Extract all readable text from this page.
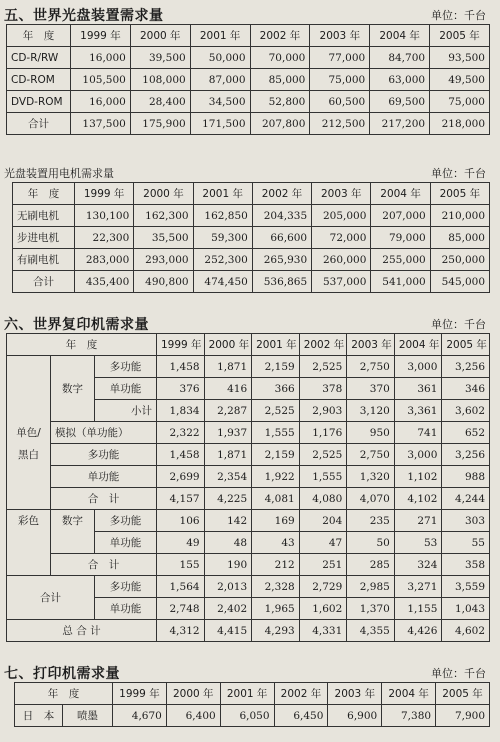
五、世界光盘装置需求量	单位：千台
年　度	1999 年	2000 年	2001 年	2002 年	2003 年	2004 年	2005 年
CD-R/RW	16,000	39,500	50,000	70,000	77,000	84,700	93,500
CD-ROM	105,500	108,000	87,000	85,000	75,000	63,000	49,500
DVD-ROM	16,000	28,400	34,500	52,800	60,500	69,500	75,000
合计	137,500	175,900	171,500	207,800	212,500	217,200	218,000
光盘装置用电机需求量	单位：千台
年　度	1999 年	2000 年	2001 年	2002 年	2003 年	2004 年	2005 年
无刷电机	130,100	162,300	162,850	204,335	205,000	207,000	210,000
步进电机	22,300	35,500	59,300	66,600	72,000	79,000	85,000
有刷电机	283,000	293,000	252,300	265,930	260,000	255,000	250,000
合计	435,400	490,800	474,450	536,865	537,000	541,000	545,000
六、世界复印机需求量	单位：千台
年　度			1999 年	2000 年	2001 年	2002 年	2003 年	2004 年	2005 年
		多功能	1,458	1,871	2,159	2,525	2,750	3,000	3,256
	数字	单功能	376	416	366	378	370	361	346
		小计	1,834	2,287	2,525	2,903	3,120	3,361	3,602
单色/	模拟（单功能）		2,322	1,937	1,555	1,176	950	741	652
黑白	多功能		1,458	1,871	2,159	2,525	2,750	3,000	3,256
	单功能		2,699	2,354	1,922	1,555	1,320	1,102	988
	合　计		4,157	4,225	4,081	4,080	4,070	4,102	4,244
彩色	数字	多功能	106	142	169	204	235	271	303
		单功能	49	48	43	47	50	53	55
	合　计		155	190	212	251	285	324	358
合计		多功能	1,564	2,013	2,328	2,729	2,985	3,271	3,559
		单功能	2,748	2,402	1,965	1,602	1,370	1,155	1,043
总 合 计			4,312	4,415	4,293	4,331	4,355	4,426	4,602
七、打印机需求量	单位：千台
年　度		1999 年	2000 年	2001 年	2002 年	2003 年	2004 年	2005 年
日　本	喷墨	4,670	6,400	6,050	6,450	6,900	7,380	7,900
